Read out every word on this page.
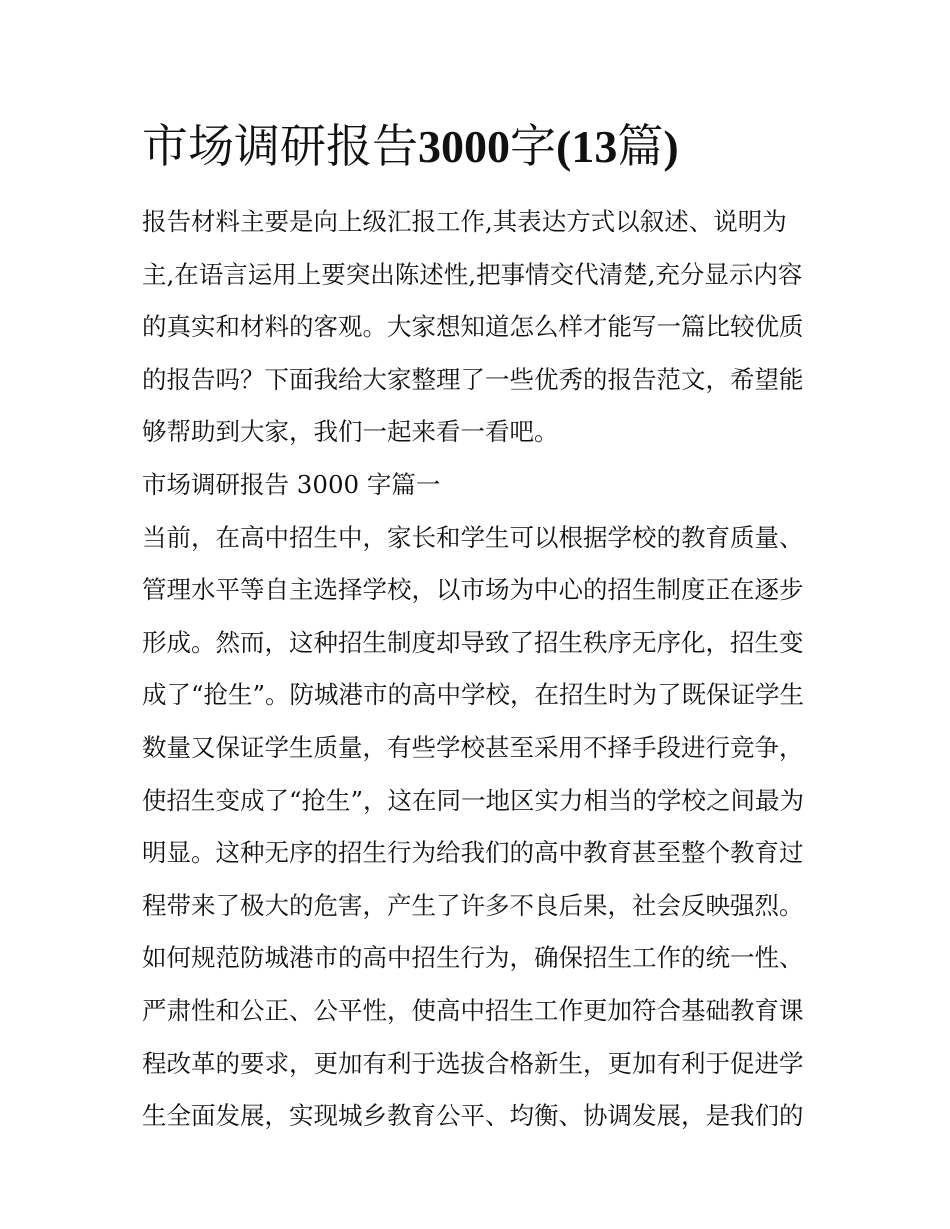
市场调研报告3000字(13篇)
报告材料主要是向上级汇报工作,其表达方式以叙述、说明为
主,在语言运用上要突出陈述性,把事情交代清楚,充分显示内容
的真实和材料的客观。大家想知道怎么样才能写一篇比较优质
的报告吗？下面我给大家整理了一些优秀的报告范文，希望能
够帮助到大家，我们一起来看一看吧。
市场调研报告 3000 字篇一
当前，在高中招生中，家长和学生可以根据学校的教育质量、
管理水平等自主选择学校，以市场为中心的招生制度正在逐步
形成。然而，这种招生制度却导致了招生秩序无序化，招生变
成了“抢生”。防城港市的高中学校，在招生时为了既保证学生
数量又保证学生质量，有些学校甚至采用不择手段进行竞争，
使招生变成了“抢生”，这在同一地区实力相当的学校之间最为
明显。这种无序的招生行为给我们的高中教育甚至整个教育过
程带来了极大的危害，产生了许多不良后果，社会反映强烈。
如何规范防城港市的高中招生行为，确保招生工作的统一性、
严肃性和公正、公平性，使高中招生工作更加符合基础教育课
程改革的要求，更加有利于选拔合格新生，更加有利于促进学
生全面发展，实现城乡教育公平、均衡、协调发展，是我们的
